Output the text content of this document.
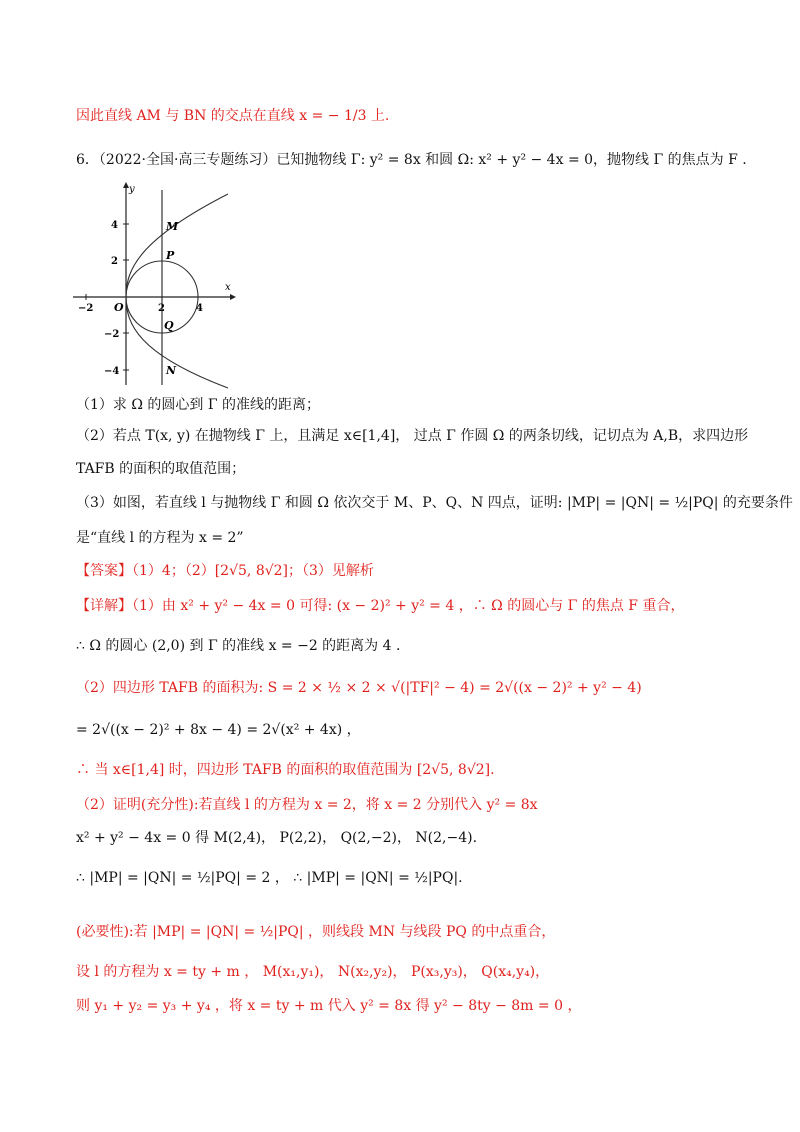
因此直线 AM 与 BN 的交点在直线 x = − 1/3 上.
6．（2022·全国·高三专题练习）已知抛物线 Γ: y² = 8x 和圆 Ω: x² + y² − 4x = 0，抛物线 Γ 的焦点为 F .
y
x
O
−2	2	4
4
2
−2
−4
M
P
Q
N
（1）求 Ω 的圆心到 Γ 的准线的距离；
（2）若点 T(x, y) 在抛物线 Γ 上，且满足 x∈[1,4]， 过点 Γ 作圆 Ω 的两条切线，记切点为 A,B，求四边形
TAFB 的面积的取值范围；
（3）如图，若直线 l 与抛物线 Γ 和圆 Ω 依次交于 M、P、Q、N 四点，证明: |MP| = |QN| = ½|PQ| 的充要条件
是“直线 l 的方程为 x = 2”
【答案】（1）4；（2）[2√5, 8√2]；（3）见解析
【详解】（1）由 x² + y² − 4x = 0 可得: (x − 2)² + y² = 4 ，∴ Ω 的圆心与 Γ 的焦点 F 重合，
∴ Ω 的圆心 (2,0) 到 Γ 的准线 x = −2 的距离为 4 .
（2）四边形 TAFB 的面积为: S = 2 × ½ × 2 × √(|TF|² − 4) = 2√((x − 2)² + y² − 4)
= 2√((x − 2)² + 8x − 4) = 2√(x² + 4x) ，
∴ 当 x∈[1,4] 时，四边形 TAFB 的面积的取值范围为 [2√5, 8√2].
（2）证明(充分性):若直线 l 的方程为 x = 2，将 x = 2 分别代入 y² = 8x
x² + y² − 4x = 0 得 M(2,4)， P(2,2)， Q(2,−2)， N(2,−4).
∴ |MP| = |QN| = ½|PQ| = 2 ， ∴ |MP| = |QN| = ½|PQ|.
(必要性):若 |MP| = |QN| = ½|PQ| ，则线段 MN 与线段 PQ 的中点重合，
设 l 的方程为 x = ty + m ， M(x₁,y₁)， N(x₂,y₂)， P(x₃,y₃)， Q(x₄,y₄)，
则 y₁ + y₂ = y₃ + y₄ ，将 x = ty + m 代入 y² = 8x 得 y² − 8ty − 8m = 0 ，
